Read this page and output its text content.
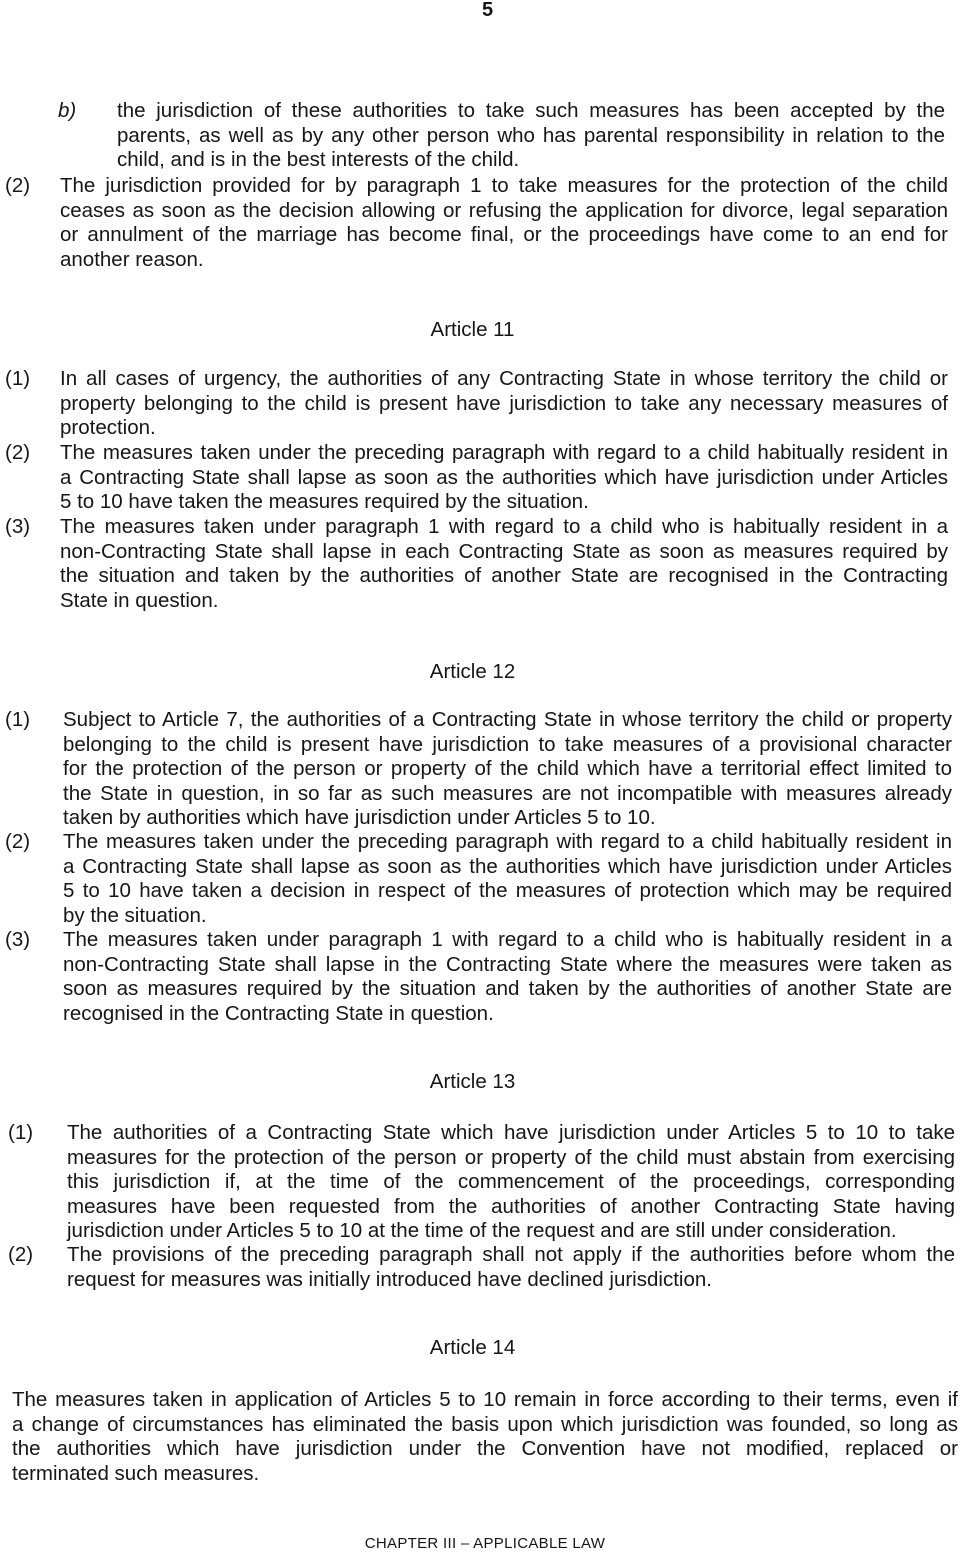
5
b) the jurisdiction of these authorities to take such measures has been accepted by the
parents, as well as by any other person who has parental responsibility in relation to the
child, and is in the best interests of the child.
(2) The jurisdiction provided for by paragraph 1 to take measures for the protection of the child
ceases as soon as the decision allowing or refusing the application for divorce, legal separation
or annulment of the marriage has become final, or the proceedings have come to an end for
another reason.
Article 11
(1) In all cases of urgency, the authorities of any Contracting State in whose territory the child or
property belonging to the child is present have jurisdiction to take any necessary measures of
protection.
(2) The measures taken under the preceding paragraph with regard to a child habitually resident in
a Contracting State shall lapse as soon as the authorities which have jurisdiction under Articles
5 to 10 have taken the measures required by the situation.
(3) The measures taken under paragraph 1 with regard to a child who is habitually resident in a
non-Contracting State shall lapse in each Contracting State as soon as measures required by
the situation and taken by the authorities of another State are recognised in the Contracting
State in question.
Article 12
(1) Subject to Article 7, the authorities of a Contracting State in whose territory the child or property
belonging to the child is present have jurisdiction to take measures of a provisional character
for the protection of the person or property of the child which have a territorial effect limited to
the State in question, in so far as such measures are not incompatible with measures already
taken by authorities which have jurisdiction under Articles 5 to 10.
(2) The measures taken under the preceding paragraph with regard to a child habitually resident in
a Contracting State shall lapse as soon as the authorities which have jurisdiction under Articles
5 to 10 have taken a decision in respect of the measures of protection which may be required
by the situation.
(3) The measures taken under paragraph 1 with regard to a child who is habitually resident in a
non-Contracting State shall lapse in the Contracting State where the measures were taken as
soon as measures required by the situation and taken by the authorities of another State are
recognised in the Contracting State in question.
Article 13
(1) The authorities of a Contracting State which have jurisdiction under Articles 5 to 10 to take
measures for the protection of the person or property of the child must abstain from exercising
this jurisdiction if, at the time of the commencement of the proceedings, corresponding
measures have been requested from the authorities of another Contracting State having
jurisdiction under Articles 5 to 10 at the time of the request and are still under consideration.
(2) The provisions of the preceding paragraph shall not apply if the authorities before whom the
request for measures was initially introduced have declined jurisdiction.
Article 14
The measures taken in application of Articles 5 to 10 remain in force according to their terms, even if
a change of circumstances has eliminated the basis upon which jurisdiction was founded, so long as
the authorities which have jurisdiction under the Convention have not modified, replaced or
terminated such measures.
CHAPTER III – APPLICABLE LAW
